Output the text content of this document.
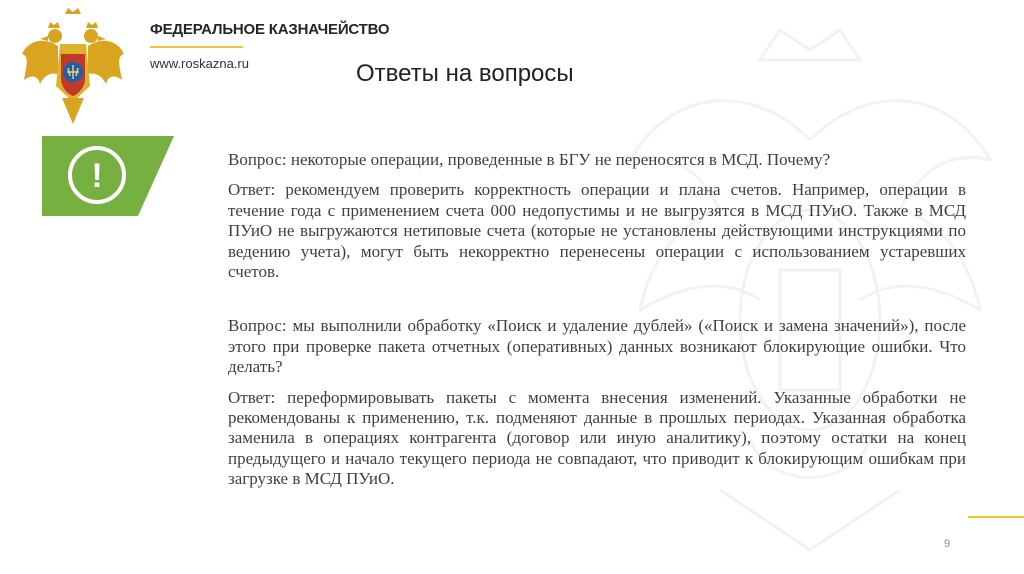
ФЕДЕРАЛЬНОЕ КАЗНАЧЕЙСТВО
www.roskazna.ru	Ответы на вопросы
!	Вопрос: некоторые операции, проведенные в БГУ не переносятся в МСД. Почему?

Ответ: рекомендуем проверить корректность операции и плана счетов. Например, операции в течение года с применением счета 000 недопустимы и не выгрузятся в МСД ПУиО. Также в МСД ПУиО не выгружаются нетиповые счета (которые не установлены действующими инструкциями по ведению учета), могут быть некорректно перенесены операции с использованием устаревших счетов.

Вопрос: мы выполнили обработку «Поиск и удаление дублей» («Поиск и замена значений»), после этого при проверке пакета отчетных (оперативных) данных возникают блокирующие ошибки. Что делать?

Ответ: переформировывать пакеты с момента внесения изменений. Указанные обработки не рекомендованы к применению, т.к. подменяют данные в прошлых периодах. Указанная обработка заменила в операциях контрагента (договор или иную аналитику), поэтому остатки на конец предыдущего и начало текущего периода не совпадают, что приводит к блокирующим ошибкам при загрузке в МСД ПУиО.

9
